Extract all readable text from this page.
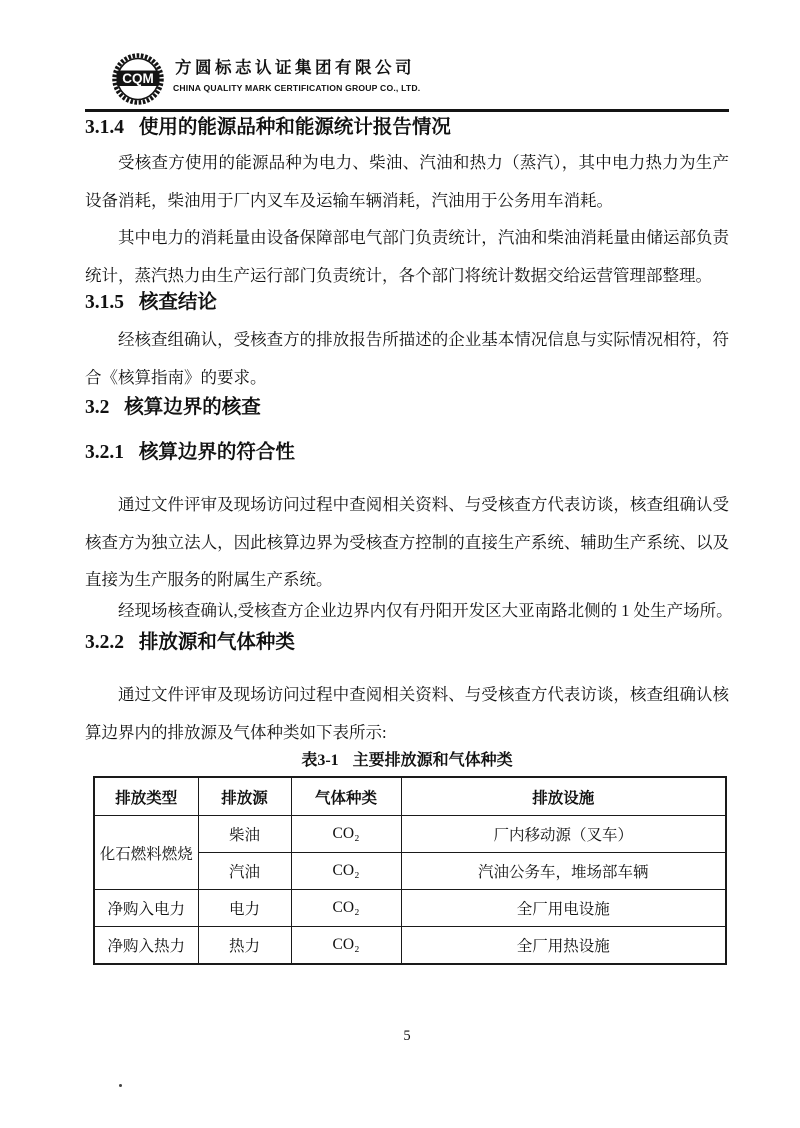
CQM
方圆标志认证集团有限公司
CHINA QUALITY MARK CERTIFICATION GROUP CO., LTD.
3.1.4 使用的能源品种和能源统计报告情况

受核查方使用的能源品种为电力、柴油、汽油和热力（蒸汽），其中电力热力为生产设备消耗，柴油用于厂内叉车及运输车辆消耗，汽油用于公务用车消耗。

其中电力的消耗量由设备保障部电气部门负责统计，汽油和柴油消耗量由储运部负责统计，蒸汽热力由生产运行部门负责统计，各个部门将统计数据交给运营管理部整理。

3.1.5 核查结论

经核查组确认，受核查方的排放报告所描述的企业基本情况信息与实际情况相符，符合《核算指南》的要求。

3.2 核算边界的核查
3.2.1 核算边界的符合性

通过文件评审及现场访问过程中查阅相关资料、与受核查方代表访谈，核查组确认受核查方为独立法人，因此核算边界为受核查方控制的直接生产系统、辅助生产系统、以及直接为生产服务的附属生产系统。

经现场核查确认,受核查方企业边界内仅有丹阳开发区大亚南路北侧的 1 处生产场所。

3.2.2 排放源和气体种类

通过文件评审及现场访问过程中查阅相关资料、与受核查方代表访谈，核查组确认核算边界内的排放源及气体种类如下表所示:

表3-1 主要排放源和气体种类
排放类型	排放源	气体种类	排放设施
化石燃料燃烧	柴油	CO₂	厂内移动源（叉车）
	汽油	CO₂	汽油公务车，堆场部车辆
净购入电力	电力	CO₂	全厂用电设施
净购入热力	热力	CO₂	全厂用热设施
5
